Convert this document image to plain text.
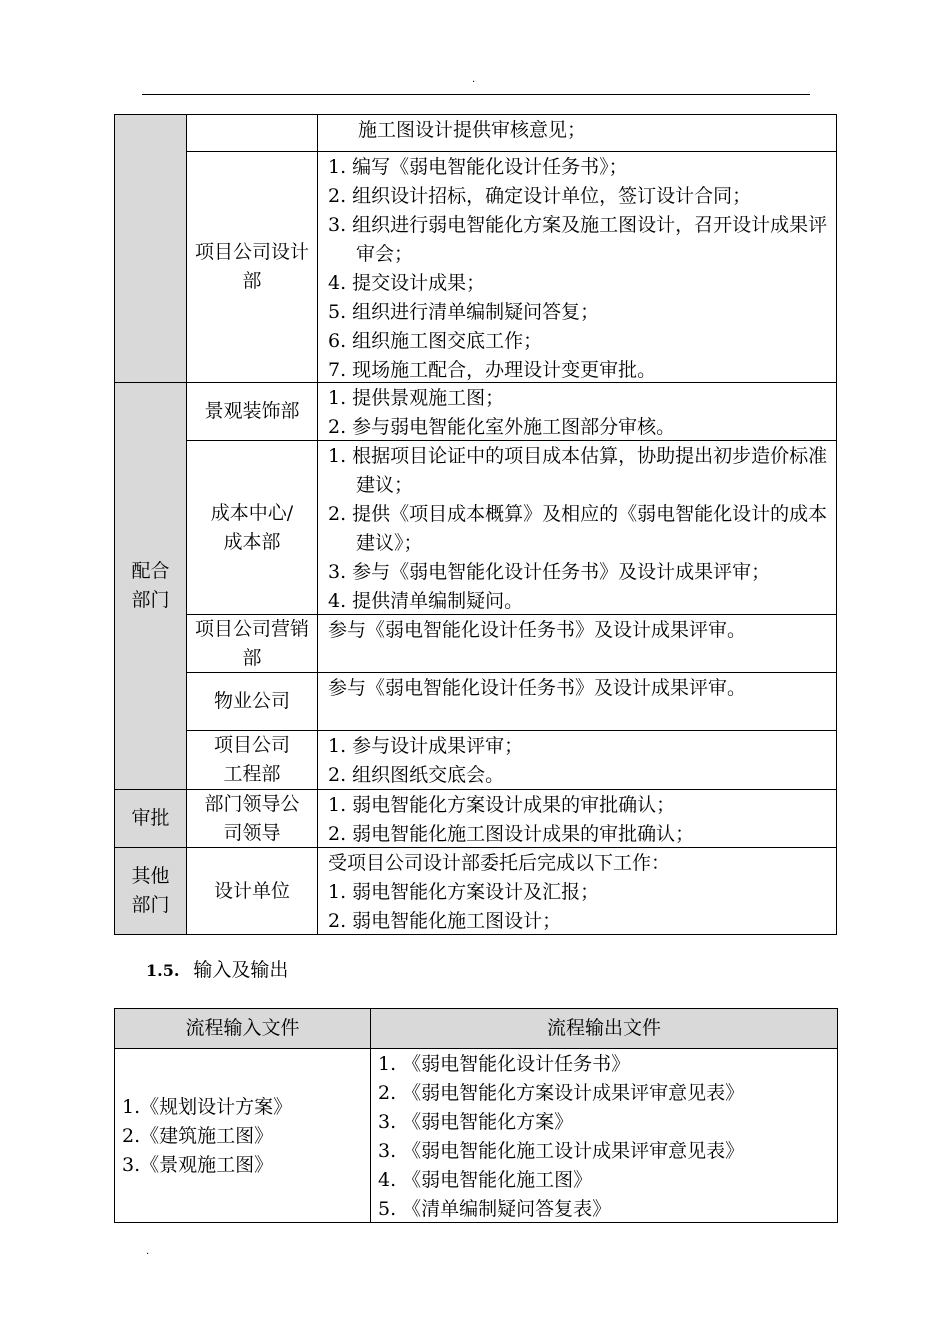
.
配合部门
审批
其他部门
施工图设计提供审核意见；
项目公司设计部
1. 编写《弱电智能化设计任务书》；
2. 组织设计招标，确定设计单位，签订设计合同；
3. 组织进行弱电智能化方案及施工图设计，召开设计成果评审会；
4. 提交设计成果；
5. 组织进行清单编制疑问答复；
6. 组织施工图交底工作；
7. 现场施工配合，办理设计变更审批。
景观装饰部
1. 提供景观施工图；
2. 参与弱电智能化室外施工图部分审核。
成本中心/成本部
1. 根据项目论证中的项目成本估算，协助提出初步造价标准建议；
2. 提供《项目成本概算》及相应的《弱电智能化设计的成本建议》；
3. 参与《弱电智能化设计任务书》及设计成果评审；
4. 提供清单编制疑问。
项目公司营销部
参与《弱电智能化设计任务书》及设计成果评审。
物业公司
参与《弱电智能化设计任务书》及设计成果评审。
项目公司工程部
1. 参与设计成果评审；
2. 组织图纸交底会。
部门领导公司领导
1. 弱电智能化方案设计成果的审批确认；
2. 弱电智能化施工图设计成果的审批确认；
设计单位
受项目公司设计部委托后完成以下工作：
1. 弱电智能化方案设计及汇报；
2. 弱电智能化施工图设计；
1.5. 输入及输出
流程输入文件	流程输出文件
1.《规划设计方案》
2.《建筑施工图》
3.《景观施工图》
1. 《弱电智能化设计任务书》
2. 《弱电智能化方案设计成果评审意见表》
3. 《弱电智能化方案》
3. 《弱电智能化施工设计成果评审意见表》
4. 《弱电智能化施工图》
5. 《清单编制疑问答复表》
.
